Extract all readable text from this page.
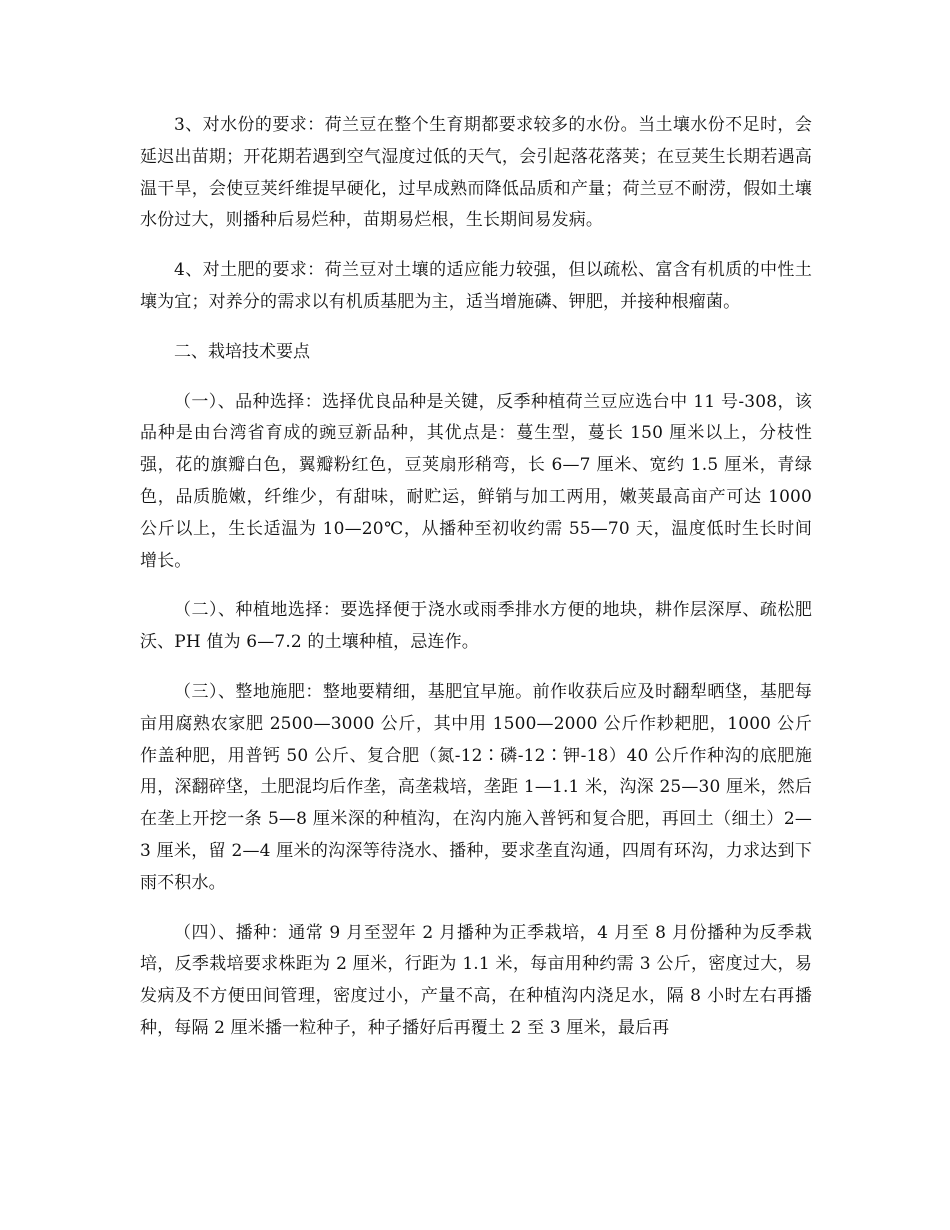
3、对水份的要求：荷兰豆在整个生育期都要求较多的水份。当土壤水份不足时，会延迟出苗期；开花期若遇到空气湿度过低的天气，会引起落花落荚；在豆荚生长期若遇高温干旱，会使豆荚纤维提早硬化，过早成熟而降低品质和产量；荷兰豆不耐涝，假如土壤水份过大，则播种后易烂种，苗期易烂根，生长期间易发病。

4、对土肥的要求：荷兰豆对土壤的适应能力较强，但以疏松、富含有机质的中性土壤为宜；对养分的需求以有机质基肥为主，适当增施磷、钾肥，并接种根瘤菌。

二、栽培技术要点

（一）、品种选择：选择优良品种是关键，反季种植荷兰豆应选台中 11 号-308，该品种是由台湾省育成的豌豆新品种，其优点是：蔓生型，蔓长 150 厘米以上，分枝性强，花的旗瓣白色，翼瓣粉红色，豆荚扇形稍弯，长 6—7 厘米、宽约 1.5 厘米，青绿色，品质脆嫩，纤维少，有甜味，耐贮运，鲜销与加工两用，嫩荚最高亩产可达 1000 公斤以上，生长适温为 10—20℃，从播种至初收约需 55—70 天，温度低时生长时间增长。

（二）、种植地选择：要选择便于浇水或雨季排水方便的地块，耕作层深厚、疏松肥沃、PH 值为 6—7.2 的土壤种植，忌连作。

（三）、整地施肥：整地要精细，基肥宜早施。前作收获后应及时翻犁晒垡，基肥每亩用腐熟农家肥 2500—3000 公斤，其中用 1500—2000 公斤作耖耙肥，1000 公斤作盖种肥，用普钙 50 公斤、复合肥（氮-12∶磷-12∶钾-18）40 公斤作种沟的底肥施用，深翻碎垡，土肥混均后作垄，高垄栽培，垄距 1—1.1 米，沟深 25—30 厘米，然后在垄上开挖一条 5—8 厘米深的种植沟，在沟内施入普钙和复合肥，再回土（细土）2—3 厘米，留 2—4 厘米的沟深等待浇水、播种，要求垄直沟通，四周有环沟，力求达到下雨不积水。

（四）、播种：通常 9 月至翌年 2 月播种为正季栽培，4 月至 8 月份播种为反季栽培，反季栽培要求株距为 2 厘米，行距为 1.1 米，每亩用种约需 3 公斤，密度过大，易发病及不方便田间管理，密度过小，产量不高，在种植沟内浇足水，隔 8 小时左右再播种，每隔 2 厘米播一粒种子，种子播好后再覆土 2 至 3 厘米，最后再
